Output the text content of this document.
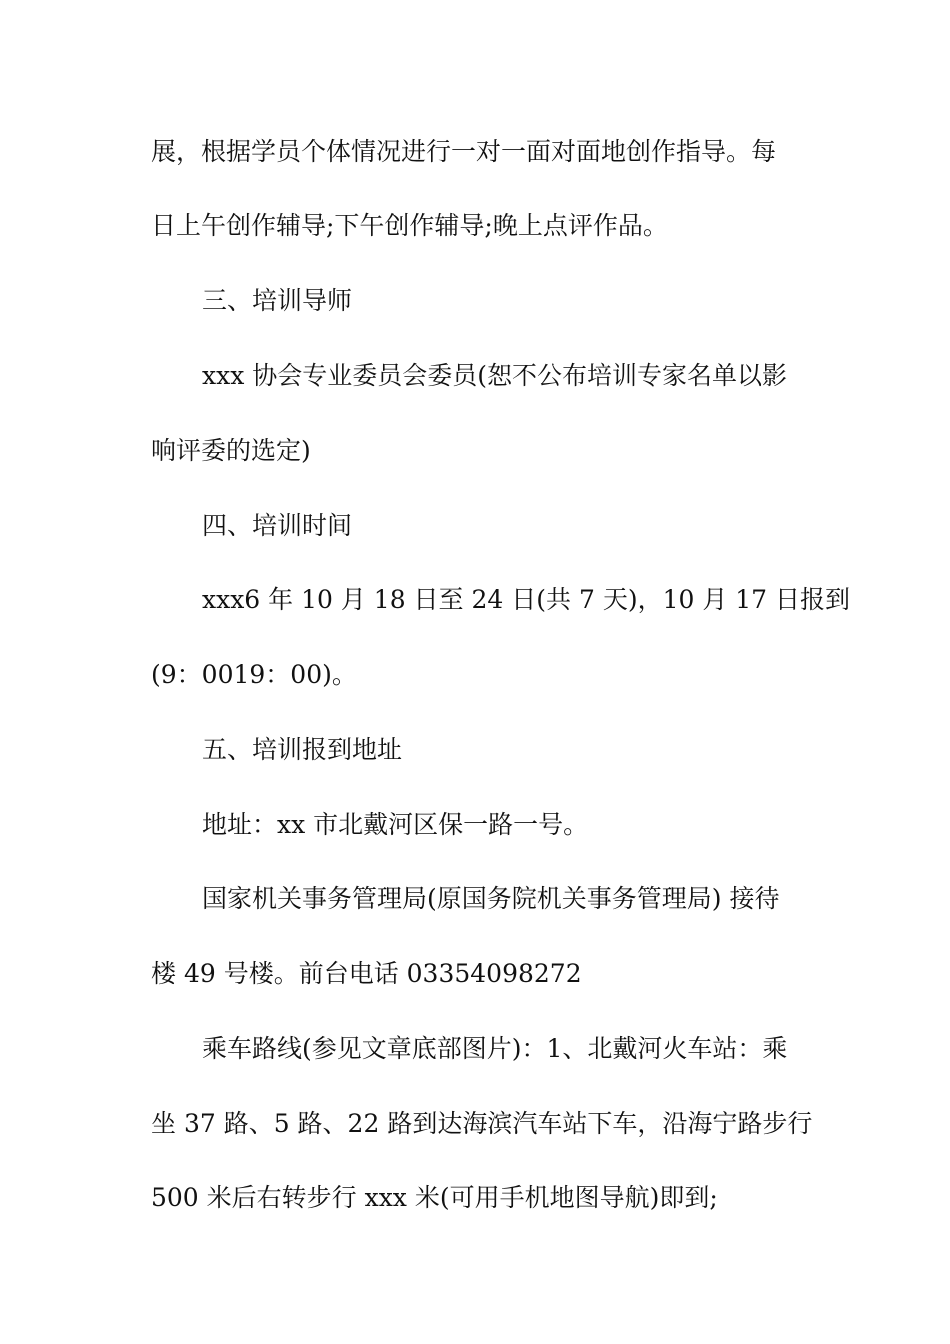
展，根据学员个体情况进行一对一面对面地创作指导。每
日上午创作辅导;下午创作辅导;晚上点评作品。
三、培训导师
xxx 协会专业委员会委员(恕不公布培训专家名单以影
响评委的选定)
四、培训时间
xxx6 年 10 月 18 日至 24 日(共 7 天)，10 月 17 日报到
(9：0019：00)。
五、培训报到地址
地址：xx 市北戴河区保一路一号。
国家机关事务管理局(原国务院机关事务管理局) 接待
楼 49 号楼。前台电话 03354098272
乘车路线(参见文章底部图片)：1、北戴河火车站：乘
坐 37 路、5 路、22 路到达海滨汽车站下车，沿海宁路步行
500 米后右转步行 xxx 米(可用手机地图导航)即到;
